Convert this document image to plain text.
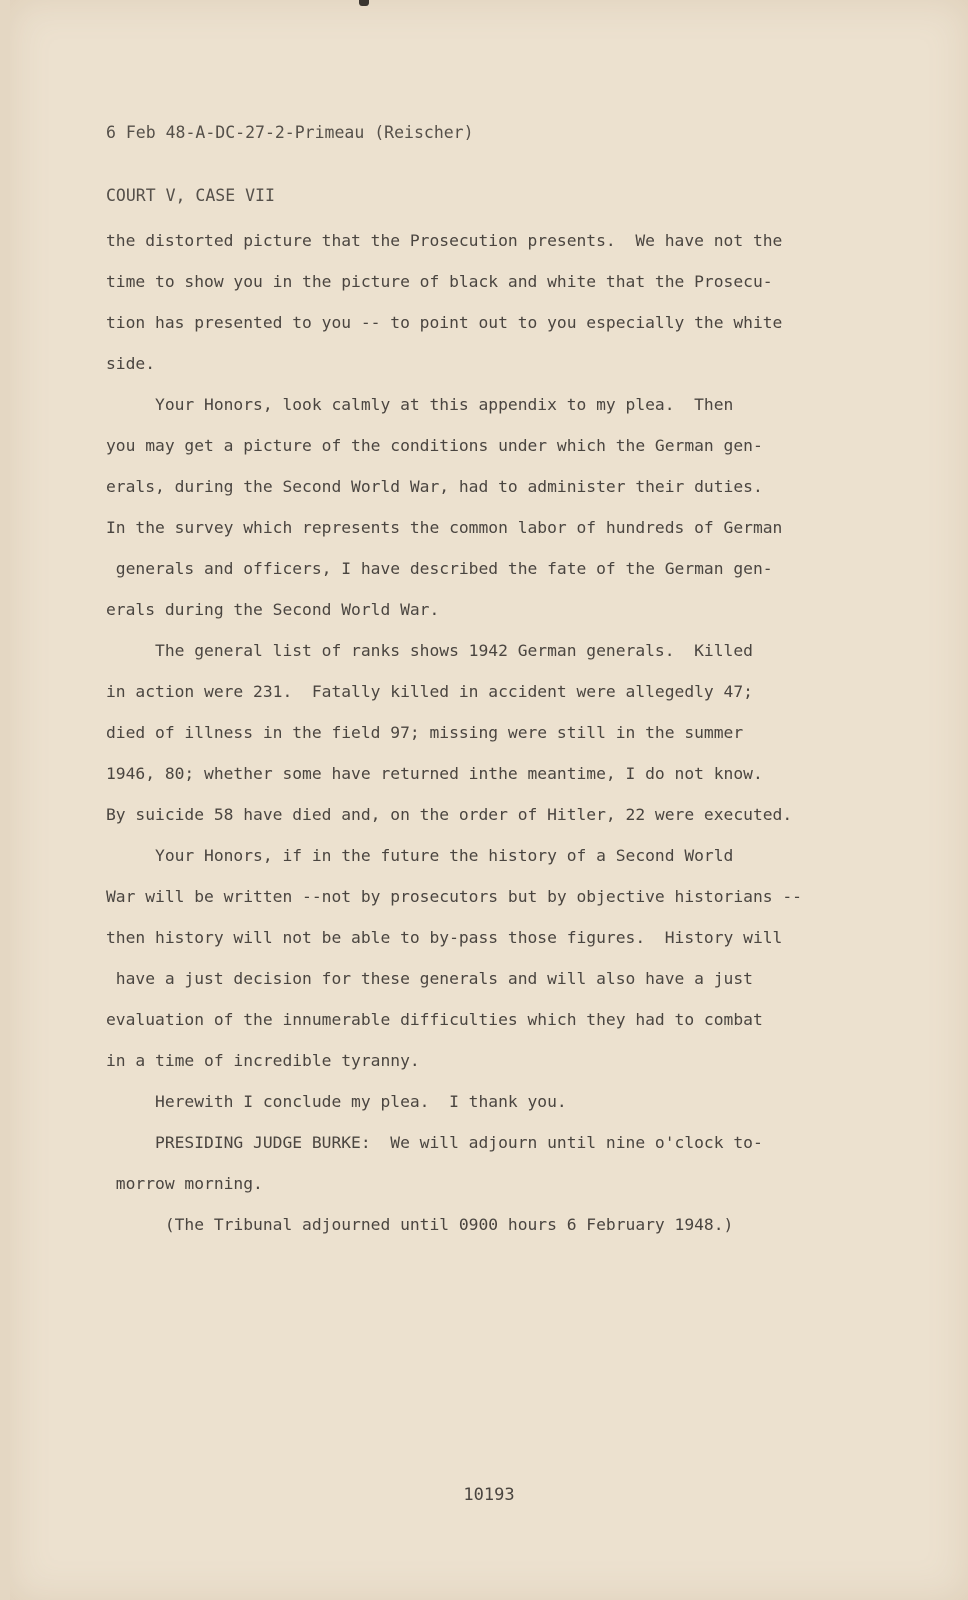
6 Feb 48-A-DC-27-2-Primeau (Reischer)

COURT V, CASE VII

the distorted picture that the Prosecution presents.  We have not the
time to show you in the picture of black and white that the Prosecu-
tion has presented to you -- to point out to you especially the white
side.
Your Honors, look calmly at this appendix to my plea.  Then
you may get a picture of the conditions under which the German gen-
erals, during the Second World War, had to administer their duties.
In the survey which represents the common labor of hundreds of German
generals and officers, I have described the fate of the German gen-
erals during the Second World War.
The general list of ranks shows 1942 German generals.  Killed
in action were 231.  Fatally killed in accident were allegedly 47;
died of illness in the field 97; missing were still in the summer
1946, 80; whether some have returned inthe meantime, I do not know.
By suicide 58 have died and, on the order of Hitler, 22 were executed.
Your Honors, if in the future the history of a Second World
War will be written --not by prosecutors but by objective historians --
then history will not be able to by-pass those figures.  History will
have a just decision for these generals and will also have a just
evaluation of the innumerable difficulties which they had to combat
in a time of incredible tyranny.
Herewith I conclude my plea.  I thank you.
PRESIDING JUDGE BURKE:  We will adjourn until nine o'clock to-
morrow morning.
(The Tribunal adjourned until 0900 hours 6 February 1948.)
10193
